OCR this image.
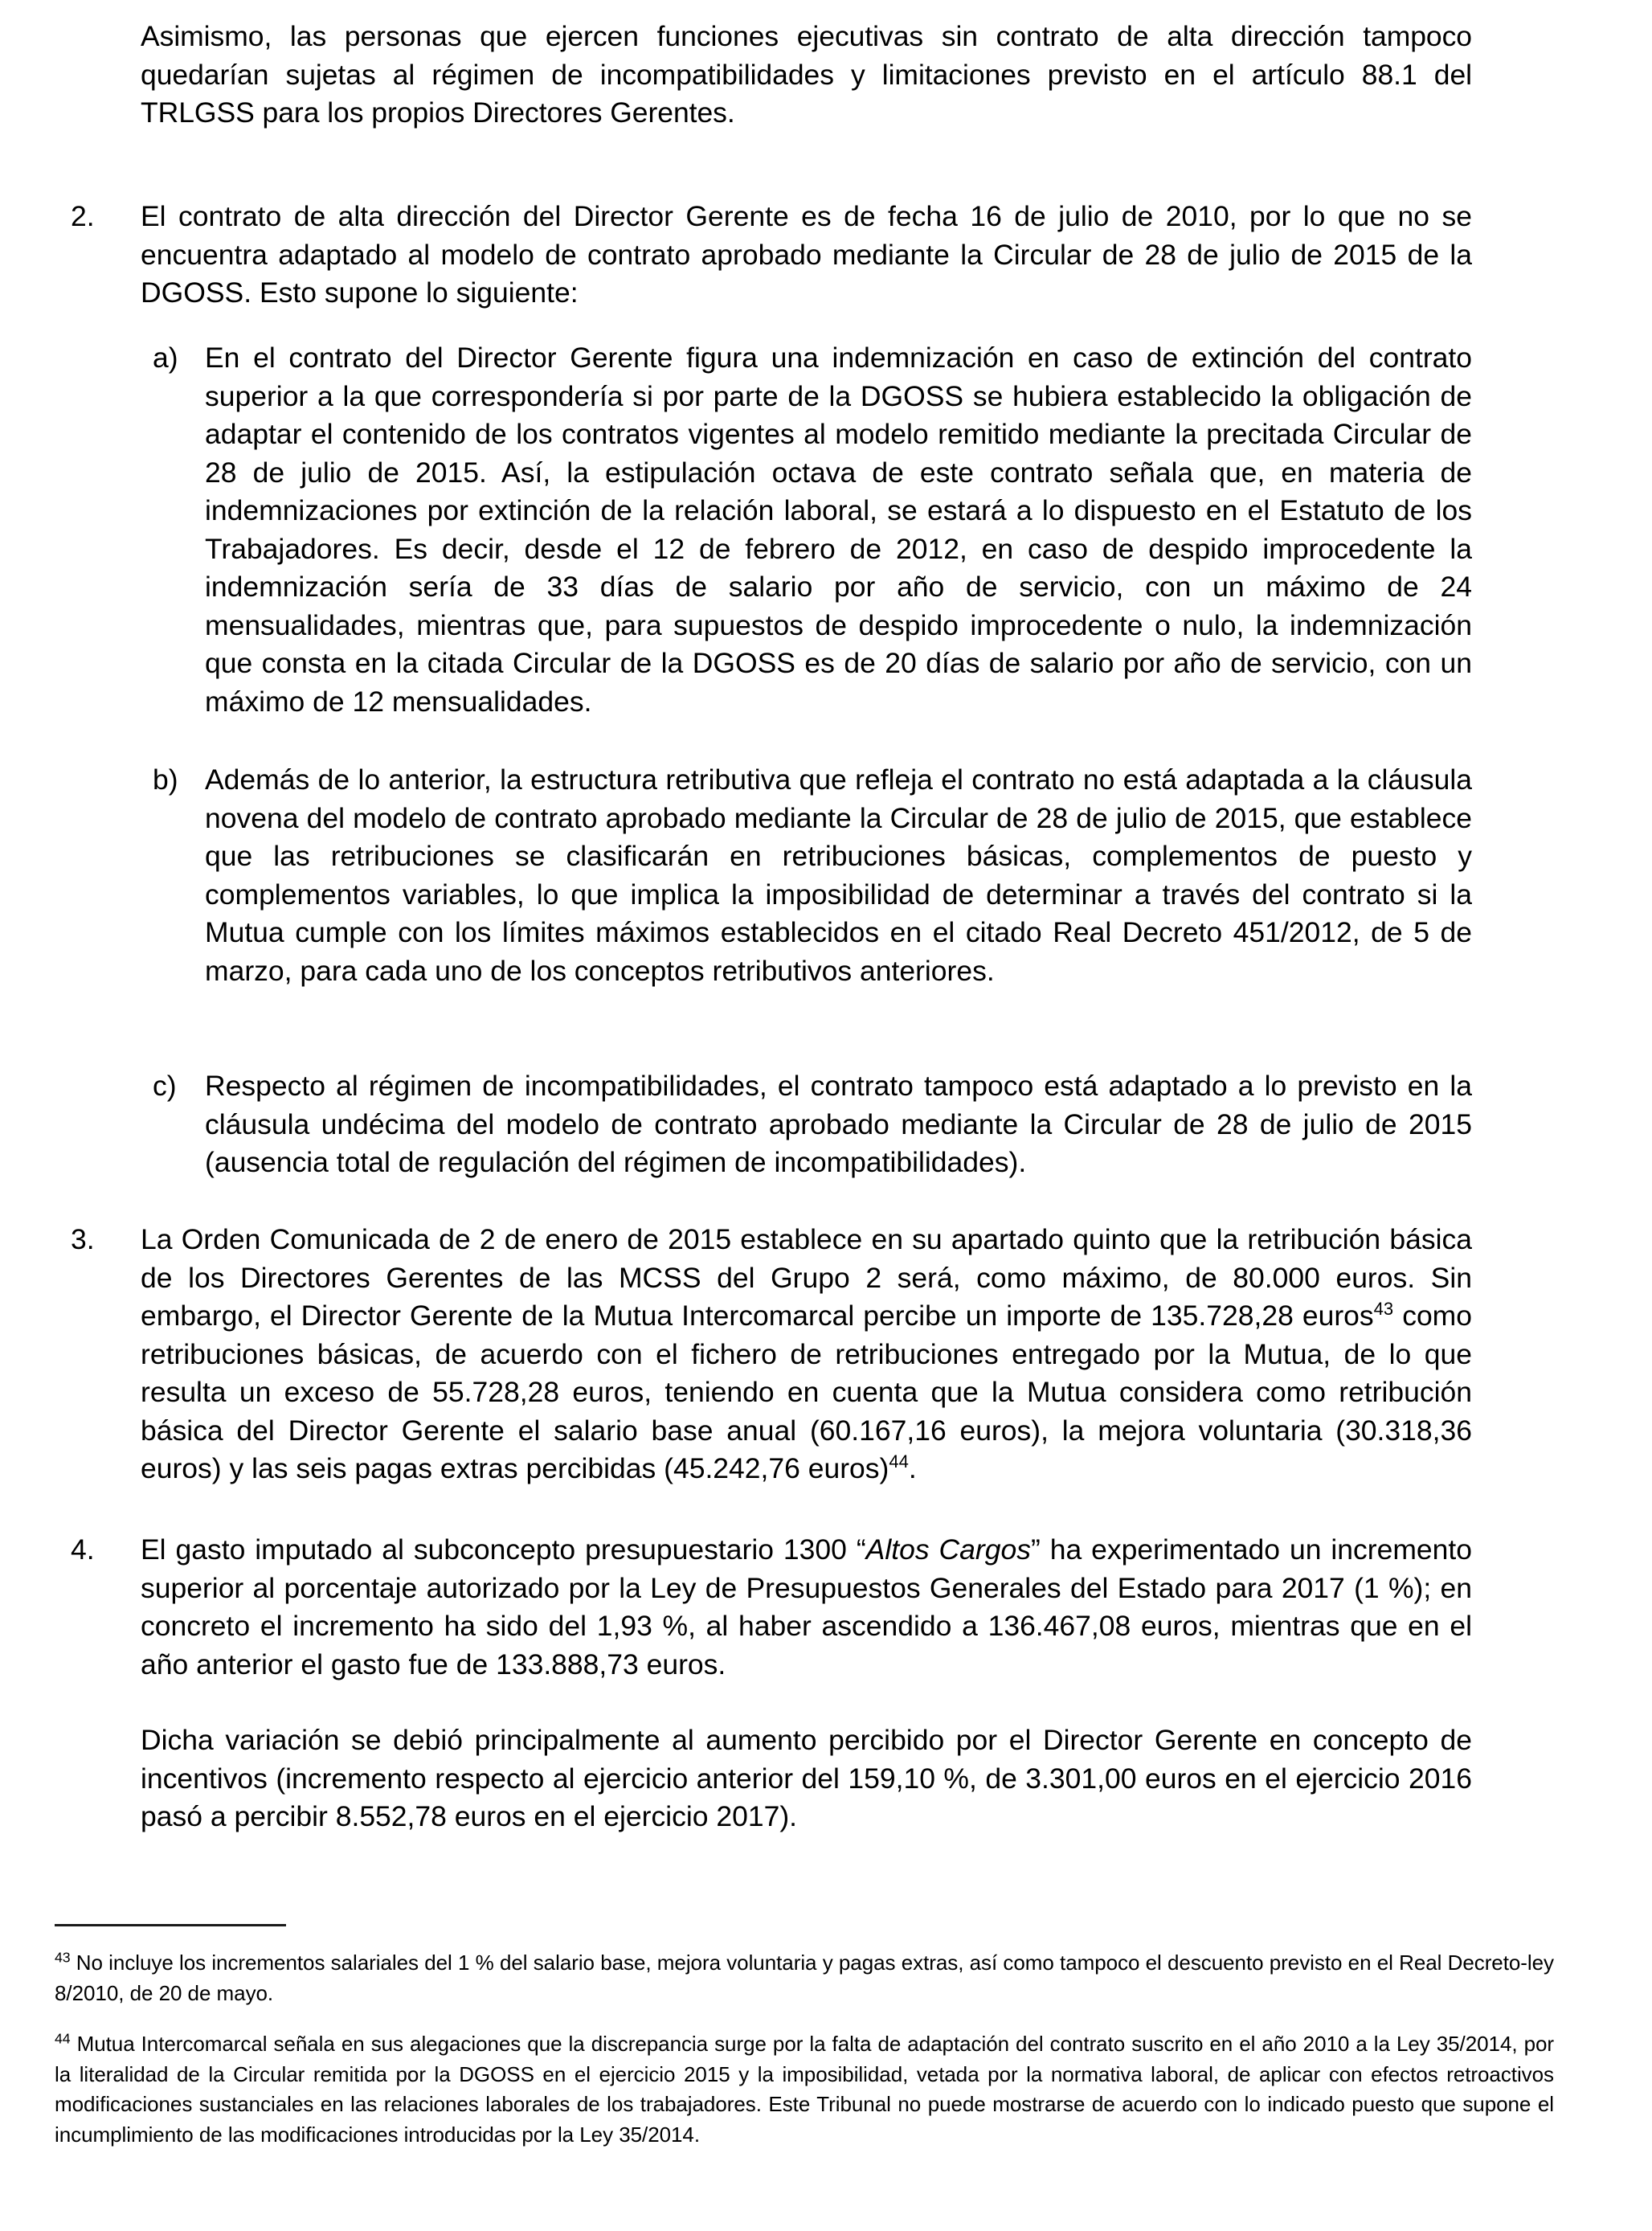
Asimismo, las personas que ejercen funciones ejecutivas sin contrato de alta dirección tampoco quedarían sujetas al régimen de incompatibilidades y limitaciones previsto en el artículo 88.1 del TRLGSS para los propios Directores Gerentes.

2.	El contrato de alta dirección del Director Gerente es de fecha 16 de julio de 2010, por lo que no se encuentra adaptado al modelo de contrato aprobado mediante la Circular de 28 de julio de 2015 de la DGOSS. Esto supone lo siguiente:

a) En el contrato del Director Gerente figura una indemnización en caso de extinción del contrato superior a la que correspondería si por parte de la DGOSS se hubiera establecido la obligación de adaptar el contenido de los contratos vigentes al modelo remitido mediante la precitada Circular de 28 de julio de 2015. Así, la estipulación octava de este contrato señala que, en materia de indemnizaciones por extinción de la relación laboral, se estará a lo dispuesto en el Estatuto de los Trabajadores. Es decir, desde el 12 de febrero de 2012, en caso de despido improcedente la indemnización sería de 33 días de salario por año de servicio, con un máximo de 24 mensualidades, mientras que, para supuestos de despido improcedente o nulo, la indemnización que consta en la citada Circular de la DGOSS es de 20 días de salario por año de servicio, con un máximo de 12 mensualidades.
b) Además de lo anterior, la estructura retributiva que refleja el contrato no está adaptada a la cláusula novena del modelo de contrato aprobado mediante la Circular de 28 de julio de 2015, que establece que las retribuciones se clasificarán en retribuciones básicas, complementos de puesto y complementos variables, lo que implica la imposibilidad de determinar a través del contrato si la Mutua cumple con los límites máximos establecidos en el citado Real Decreto 451/2012, de 5 de marzo, para cada uno de los conceptos retributivos anteriores.
c) Respecto al régimen de incompatibilidades, el contrato tampoco está adaptado a lo previsto en la cláusula undécima del modelo de contrato aprobado mediante la Circular de 28 de julio de 2015 (ausencia total de regulación del régimen de incompatibilidades).
3.	La Orden Comunicada de 2 de enero de 2015 establece en su apartado quinto que la retribución básica de los Directores Gerentes de las MCSS del Grupo 2 será, como máximo, de 80.000 euros. Sin embargo, el Director Gerente de la Mutua Intercomarcal percibe un importe de 135.728,28 euros$^{43}$ como retribuciones básicas, de acuerdo con el fichero de retribuciones entregado por la Mutua, de lo que resulta un exceso de 55.728,28 euros, teniendo en cuenta que la Mutua considera como retribución básica del Director Gerente el salario base anual (60.167,16 euros), la mejora voluntaria (30.318,36 euros) y las seis pagas extras percibidas (45.242,76 euros)$^{44}$.

4.	El gasto imputado al subconcepto presupuestario 1300 “Altos Cargos” ha experimentado un incremento superior al porcentaje autorizado por la Ley de Presupuestos Generales del Estado para 2017 (1 %); en concreto el incremento ha sido del 1,93 %, al haber ascendido a 136.467,08 euros, mientras que en el año anterior el gasto fue de 133.888,73 euros.

Dicha variación se debió principalmente al aumento percibido por el Director Gerente en concepto de incentivos (incremento respecto al ejercicio anterior del 159,10 %, de 3.301,00 euros en el ejercicio 2016 pasó a percibir 8.552,78 euros en el ejercicio 2017).

$^{43}$ No incluye los incrementos salariales del 1 % del salario base, mejora voluntaria y pagas extras, así como tampoco el descuento previsto en el Real Decreto-ley 8/2010, de 20 de mayo.

$^{44}$ Mutua Intercomarcal señala en sus alegaciones que la discrepancia surge por la falta de adaptación del contrato suscrito en el año 2010 a la Ley 35/2014, por la literalidad de la Circular remitida por la DGOSS en el ejercicio 2015 y la imposibilidad, vetada por la normativa laboral, de aplicar con efectos retroactivos modificaciones sustanciales en las relaciones laborales de los trabajadores. Este Tribunal no puede mostrarse de acuerdo con lo indicado puesto que supone el incumplimiento de las modificaciones introducidas por la Ley 35/2014.
